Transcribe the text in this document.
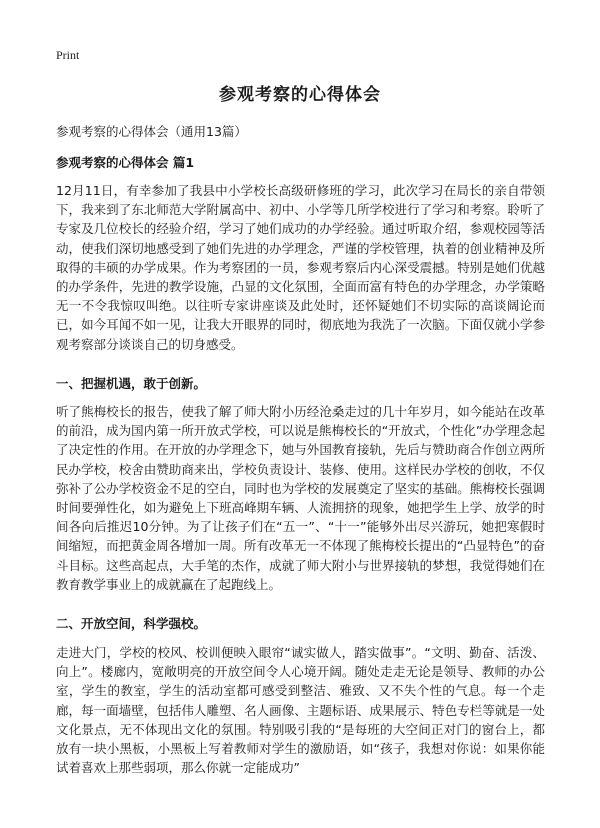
Print
参观考察的心得体会
参观考察的心得体会（通用13篇）
参观考察的心得体会 篇1
12月11日，有幸参加了我县中小学校长高级研修班的学习，此次学习在局长的亲自带领下，我来到了东北师范大学附属高中、初中、小学等几所学校进行了学习和考察。聆听了专家及几位校长的经验介绍，学习了她们成功的办学经验。通过听取介绍，参观校园等活动，使我们深切地感受到了她们先进的办学理念，严谨的学校管理，执着的创业精神及所取得的丰硕的办学成果。作为考察团的一员，参观考察后内心深受震撼。特别是她们优越的办学条件，先进的教学设施，凸显的文化氛围，全面而富有特色的办学理念，办学策略无一不令我惊叹叫绝。以往听专家讲座谈及此处时，还怀疑她们不切实际的高谈阔论而已，如今耳闻不如一见，让我大开眼界的同时，彻底地为我洗了一次脑。下面仅就小学参观考察部分谈谈自己的切身感受。
一、把握机遇，敢于创新。
听了熊梅校长的报告，使我了解了师大附小历经沧桑走过的几十年岁月，如今能站在改革的前沿，成为国内第一所开放式学校，可以说是熊梅校长的“开放式，个性化”办学理念起了决定性的作用。在开放的办学理念下，她与外国教育接轨，先后与赞助商合作创立两所民办学校，校舍由赞助商来出，学校负责设计、装修、使用。这样民办学校的创收，不仅弥补了公办学校资金不足的空白，同时也为学校的发展奠定了坚实的基础。熊梅校长强调时间要弹性化，如为避免上下班高峰期车辆、人流拥挤的现象，她把学生上学、放学的时间各向后推迟10分钟。为了让孩子们在“五一”、“十一”能够外出尽兴游玩，她把寒假时间缩短，而把黄金周各增加一周。所有改革无一不体现了熊梅校长提出的“凸显特色”的奋斗目标。这些高起点，大手笔的杰作，成就了师大附小与世界接轨的梦想，我觉得她们在教育教学事业上的成就赢在了起跑线上。
二、开放空间，科学强校。
走进大门，学校的校风、校训便映入眼帘“诚实做人，踏实做事”。“文明、勤奋、活泼、向上”。楼廊内，宽敞明亮的开放空间令人心境开阔。随处走走无论是领导、教师的办公室，学生的教室，学生的活动室都可感受到整洁、雅致、又不失个性的气息。每一个走廊，每一面墙壁，包括伟人雕塑、名人画像、主题标语、成果展示、特色专栏等就是一处文化景点，无不体现出文化的氛围。特别吸引我的“是每班的大空间正对门的窗台上，都放有一块小黑板，小黑板上写着教师对学生的激励语，如“孩子，我想对你说：如果你能试着喜欢上那些弱项，那么你就一定能成功”
